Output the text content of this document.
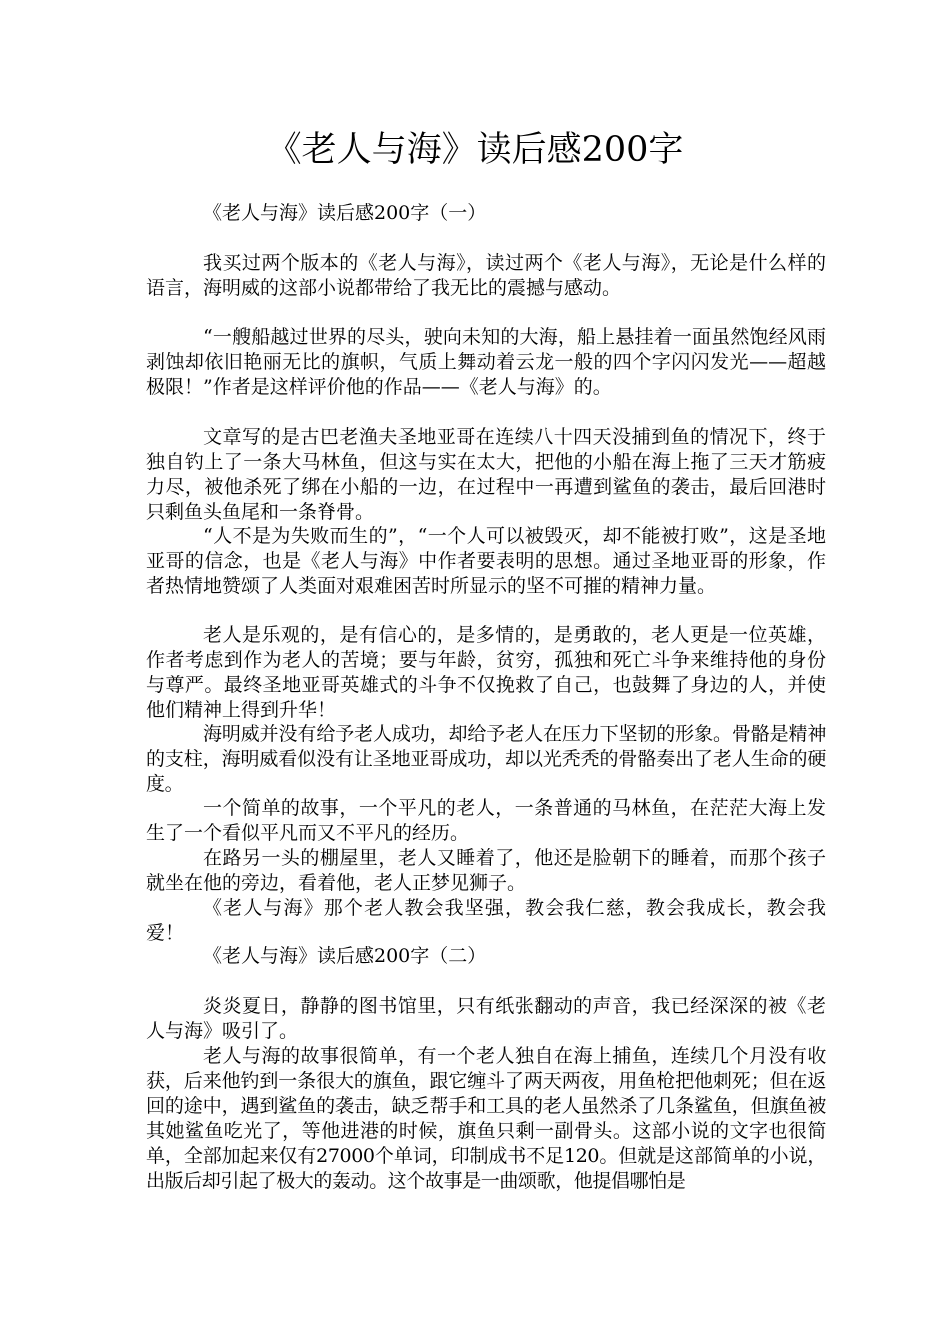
《老人与海》读后感200字
《老人与海》读后感200字（一）

我买过两个版本的《老人与海》，读过两个《老人与海》，无论是什么样的语言，海明威的这部小说都带给了我无比的震撼与感动。

“一艘船越过世界的尽头，驶向未知的大海，船上悬挂着一面虽然饱经风雨剥蚀却依旧艳丽无比的旗帜，气质上舞动着云龙一般的四个字闪闪发光——超越极限！”作者是这样评价他的作品——《老人与海》的。

文章写的是古巴老渔夫圣地亚哥在连续八十四天没捕到鱼的情况下，终于独自钓上了一条大马林鱼，但这与实在太大，把他的小船在海上拖了三天才筋疲力尽，被他杀死了绑在小船的一边，在过程中一再遭到鲨鱼的袭击，最后回港时只剩鱼头鱼尾和一条脊骨。

“人不是为失败而生的”，“一个人可以被毁灭，却不能被打败”，这是圣地亚哥的信念，也是《老人与海》中作者要表明的思想。通过圣地亚哥的形象，作者热情地赞颂了人类面对艰难困苦时所显示的坚不可摧的精神力量。

老人是乐观的，是有信心的，是多情的，是勇敢的，老人更是一位英雄，作者考虑到作为老人的苦境；要与年龄，贫穷，孤独和死亡斗争来维持他的身份与尊严。最终圣地亚哥英雄式的斗争不仅挽救了自己，也鼓舞了身边的人，并使他们精神上得到升华！

海明威并没有给予老人成功，却给予老人在压力下坚韧的形象。骨骼是精神的支柱，海明威看似没有让圣地亚哥成功，却以光秃秃的骨骼奏出了老人生命的硬度。

一个简单的故事，一个平凡的老人，一条普通的马林鱼，在茫茫大海上发生了一个看似平凡而又不平凡的经历。

在路另一头的棚屋里，老人又睡着了，他还是脸朝下的睡着，而那个孩子就坐在他的旁边，看着他，老人正梦见狮子。

《老人与海》那个老人教会我坚强，教会我仁慈，教会我成长，教会我爱！

《老人与海》读后感200字（二）

炎炎夏日，静静的图书馆里，只有纸张翻动的声音，我已经深深的被《老人与海》吸引了。

老人与海的故事很简单，有一个老人独自在海上捕鱼，连续几个月没有收获，后来他钓到一条很大的旗鱼，跟它缠斗了两天两夜，用鱼枪把他刺死；但在返回的途中，遇到鲨鱼的袭击，缺乏帮手和工具的老人虽然杀了几条鲨鱼，但旗鱼被其她鲨鱼吃光了，等他进港的时候，旗鱼只剩一副骨头。这部小说的文字也很简单，全部加起来仅有27000个单词，印制成书不足120。但就是这部简单的小说，出版后却引起了极大的轰动。这个故事是一曲颂歌，他提倡哪怕是
